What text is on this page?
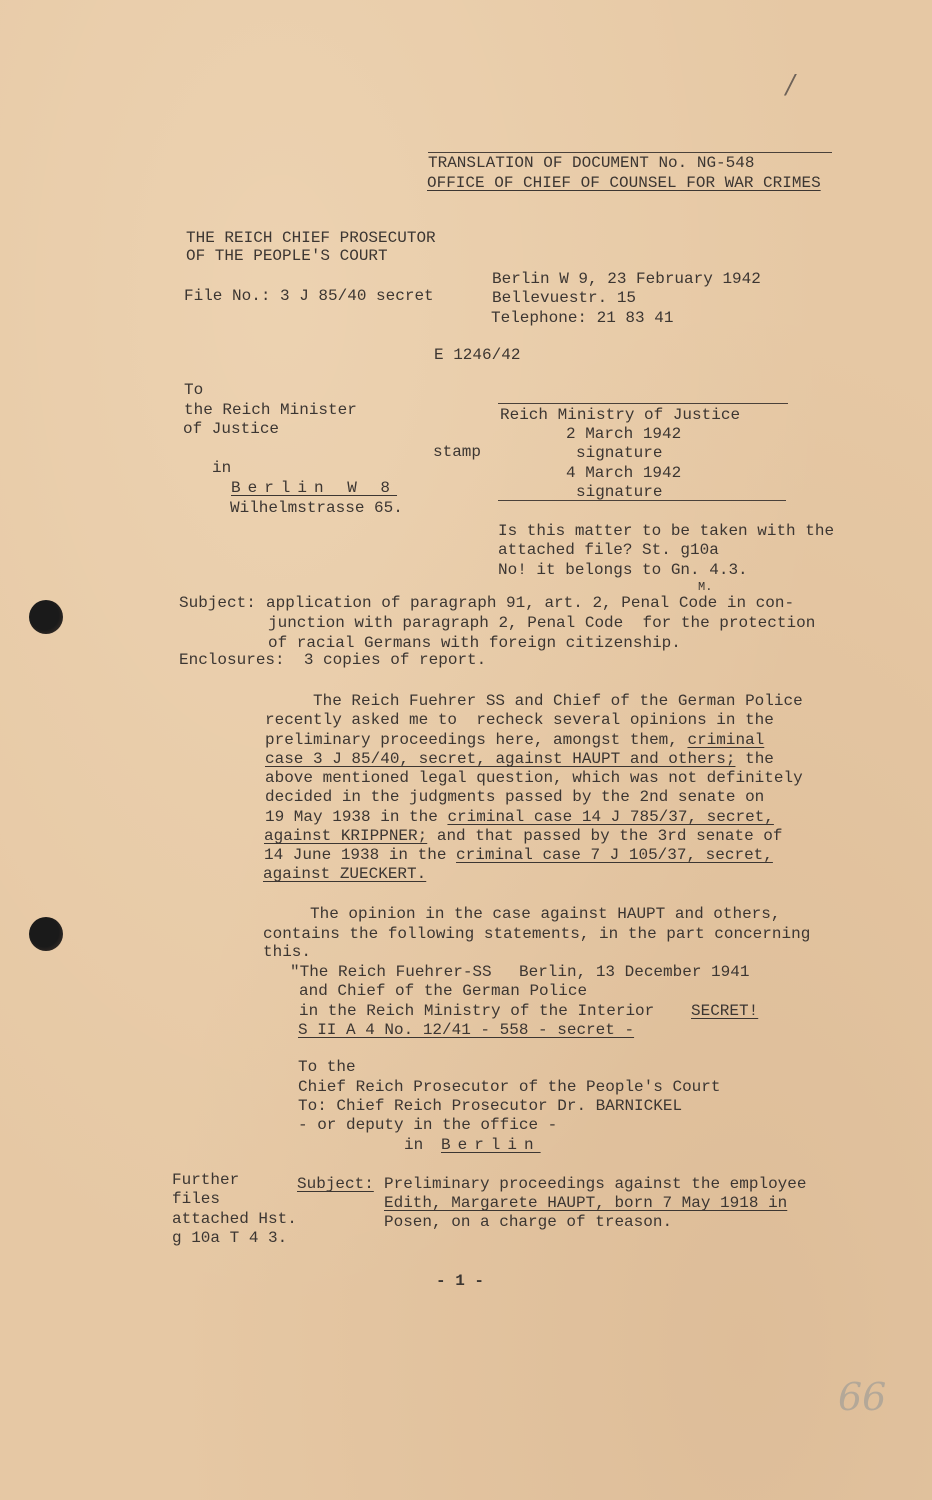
/
66
TRANSLATION OF DOCUMENT No. NG-548
OFFICE OF CHIEF OF COUNSEL FOR WAR CRIMES
THE REICH CHIEF PROSECUTOR
OF THE PEOPLE'S COURT
File No.: 3 J 85/40 secret
Berlin W 9, 23 February 1942
Bellevuestr. 15
Telephone: 21 83 41
E 1246/42
To
the Reich Minister
of Justice
in
Berlin W 8
Wilhelmstrasse 65.
stamp
Reich Ministry of Justice
2 March 1942
signature
4 March 1942
signature
Is this matter to be taken with the
attached file? St. g10a
No! it belongs to Gn. 4.3.
M.
Subject: application of paragraph 91, art. 2, Penal Code in con-
junction with paragraph 2, Penal Code  for the protection
of racial Germans with foreign citizenship.
Enclosures:  3 copies of report.
The Reich Fuehrer SS and Chief of the German Police
recently asked me to  recheck several opinions in the
preliminary proceedings here, amongst them, criminal
case 3 J 85/40, secret, against HAUPT and others; the
above mentioned legal question, which was not definitely
decided in the judgments passed by the 2nd senate on
19 May 1938 in the criminal case 14 J 785/37, secret,
against KRIPPNER; and that passed by the 3rd senate of
14 June 1938 in the criminal case 7 J 105/37, secret,
against ZUECKERT.
The opinion in the case against HAUPT and others,
contains the following statements, in the part concerning
this.
"The Reich Fuehrer-SS Berlin, 13 December 1941
and Chief of the German Police
in the Reich Ministry of the Interior SECRET!
S II A 4 No. 12/41 - 558 - secret -
To the
Chief Reich Prosecutor of the People's Court
To: Chief Reich Prosecutor Dr. BARNICKEL
- or deputy in the office -
in Berlin
Further
files
attached Hst.
g 10a T 4 3.
Subject: Preliminary proceedings against the employee
Edith, Margarete HAUPT, born 7 May 1918 in
Posen, on a charge of treason.
- 1 -
